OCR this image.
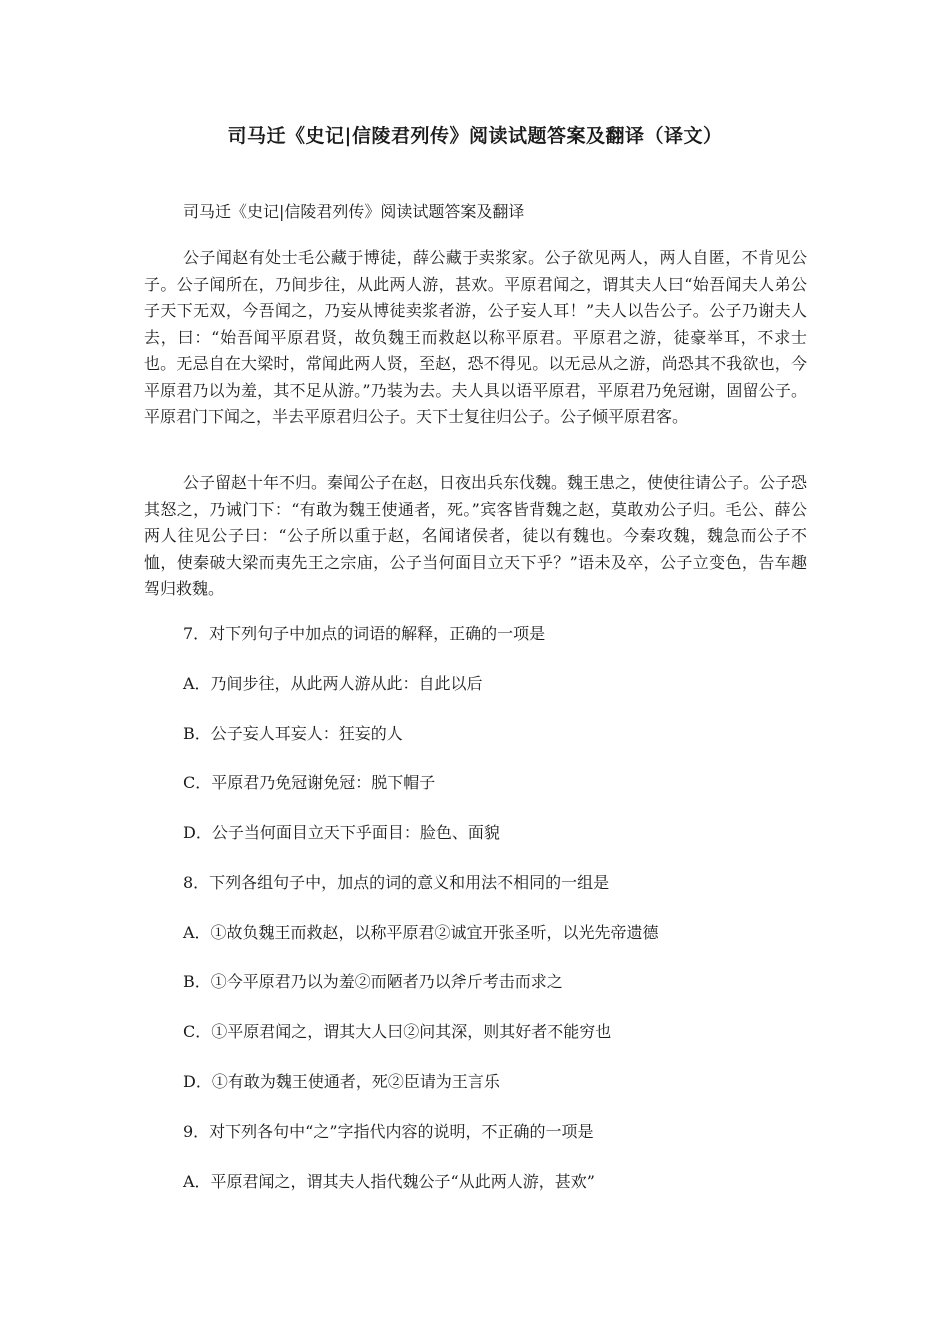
司马迁《史记|信陵君列传》阅读试题答案及翻译（译文）
司马迁《史记|信陵君列传》阅读试题答案及翻译

公子闻赵有处士毛公藏于博徒，薛公藏于卖浆家。公子欲见两人，两人自匿，不肯见公子。公子闻所在，乃间步往，从此两人游，甚欢。平原君闻之，谓其夫人曰“始吾闻夫人弟公子天下无双，今吾闻之，乃妄从博徒卖浆者游，公子妄人耳！”夫人以告公子。公子乃谢夫人去，曰：“始吾闻平原君贤，故负魏王而救赵以称平原君。平原君之游，徒豪举耳，不求士也。无忌自在大梁时，常闻此两人贤，至赵，恐不得见。以无忌从之游，尚恐其不我欲也，今平原君乃以为羞，其不足从游。”乃装为去。夫人具以语平原君，平原君乃免冠谢，固留公子。平原君门下闻之，半去平原君归公子。天下士复往归公子。公子倾平原君客。

公子留赵十年不归。秦闻公子在赵，日夜出兵东伐魏。魏王患之，使使往请公子。公子恐其怒之，乃诫门下：“有敢为魏王使通者，死。”宾客皆背魏之赵，莫敢劝公子归。毛公、薛公两人往见公子曰：“公子所以重于赵，名闻诸侯者，徒以有魏也。今秦攻魏，魏急而公子不恤，使秦破大梁而夷先王之宗庙，公子当何面目立天下乎？”语未及卒，公子立变色，告车趣驾归救魏。

7．对下列句子中加点的词语的解释，正确的一项是
A．乃间步往，从此两人游从此：自此以后
B．公子妄人耳妄人：狂妄的人
C．平原君乃免冠谢免冠：脱下帽子
D．公子当何面目立天下乎面目：脸色、面貌
8．下列各组句子中，加点的词的意义和用法不相同的一组是
A．①故负魏王而救赵，以称平原君②诚宜开张圣听，以光先帝遗德
B．①今平原君乃以为羞②而陋者乃以斧斤考击而求之
C．①平原君闻之，谓其大人曰②问其深，则其好者不能穷也
D．①有敢为魏王使通者，死②臣请为王言乐
9．对下列各句中“之”字指代内容的说明，不正确的一项是
A．平原君闻之，谓其夫人指代魏公子“从此两人游，甚欢”
